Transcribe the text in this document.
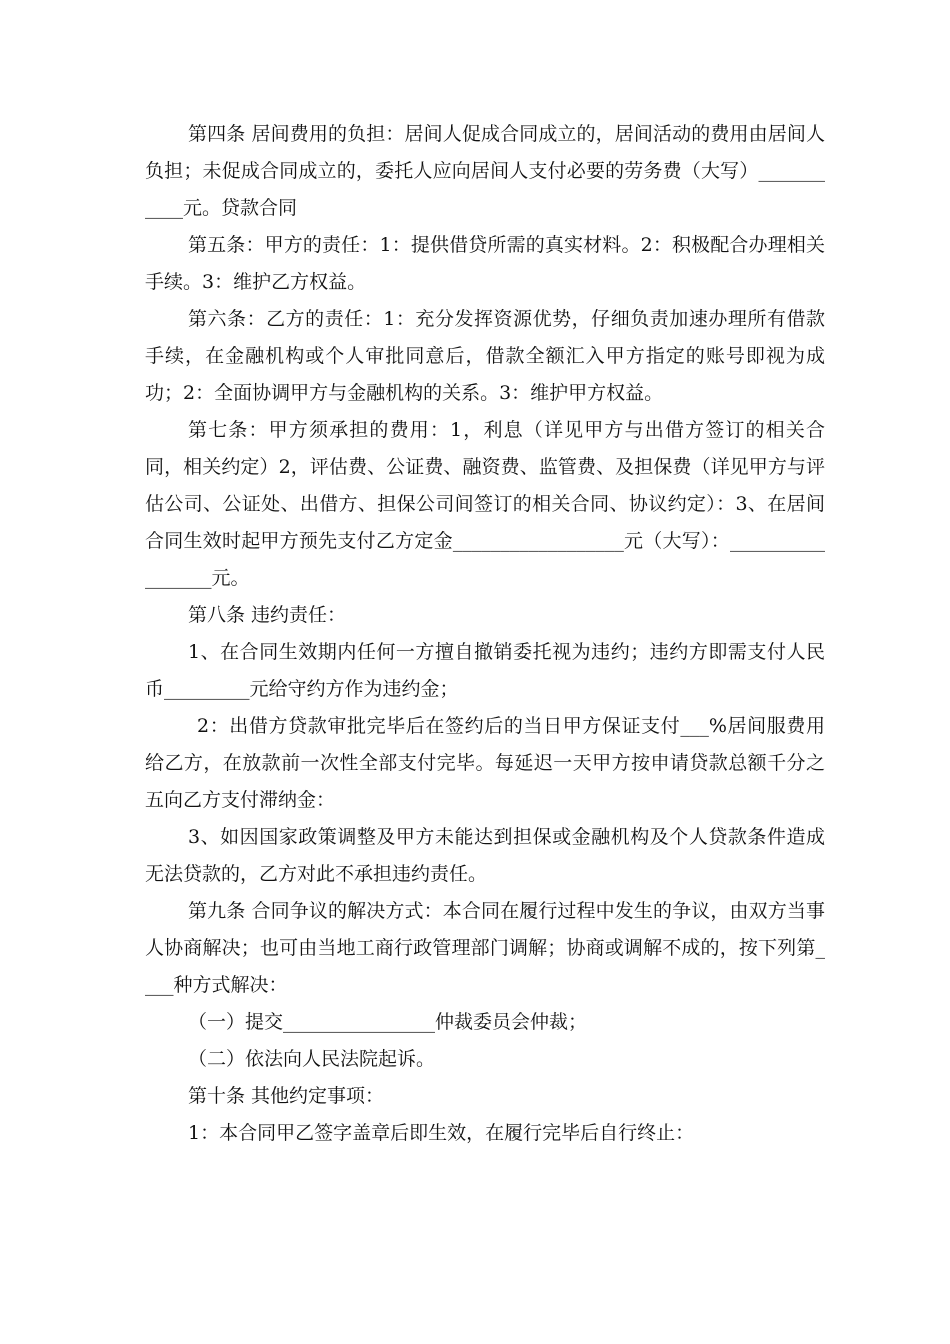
第四条 居间费用的负担：居间人促成合同成立的，居间活动的费用由居间人负担；未促成合同成立的，委托人应向居间人支付必要的劳务费（大写）___________元。贷款合同

第五条：甲方的责任：1：提供借贷所需的真实材料。2：积极配合办理相关手续。3：维护乙方权益。

第六条：乙方的责任：1：充分发挥资源优势，仔细负责加速办理所有借款手续，在金融机构或个人审批同意后，借款全额汇入甲方指定的账号即视为成功；2：全面协调甲方与金融机构的关系。3：维护甲方权益。

第七条：甲方须承担的费用：1，利息（详见甲方与出借方签订的相关合同，相关约定）2，评估费、公证费、融资费、监管费、及担保费（详见甲方与评估公司、公证处、出借方、担保公司间签订的相关合同、协议约定）：3、在居间合同生效时起甲方预先支付乙方定金__________________元（大写）：_________________元。

第八条 违约责任：

1、在合同生效期内任何一方擅自撤销委托视为违约；违约方即需支付人民币_________元给守约方作为违约金；

2：出借方贷款审批完毕后在签约后的当日甲方保证支付___%居间服费用给乙方，在放款前一次性全部支付完毕。每延迟一天甲方按申请贷款总额千分之五向乙方支付滞纳金：

3、如因国家政策调整及甲方未能达到担保或金融机构及个人贷款条件造成无法贷款的，乙方对此不承担违约责任。

第九条 合同争议的解决方式：本合同在履行过程中发生的争议，由双方当事人协商解决；也可由当地工商行政管理部门调解；协商或调解不成的，按下列第____种方式解决：

（一）提交________________仲裁委员会仲裁；

（二）依法向人民法院起诉。

第十条 其他约定事项：

1：本合同甲乙签字盖章后即生效，在履行完毕后自行终止：
